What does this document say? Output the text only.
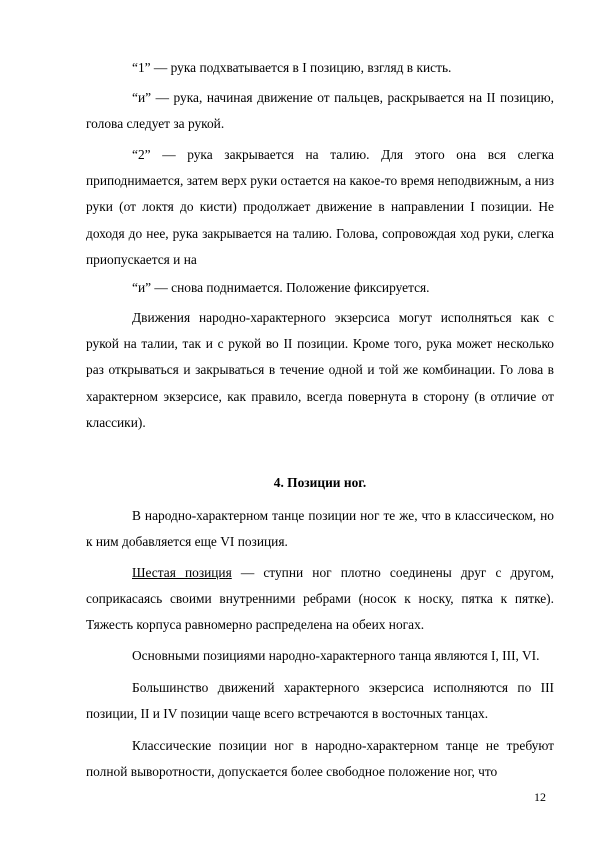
“1” — рука подхватывается в I позицию, взгляд в кисть.

“и” — рука, начиная движение от пальцев, раскрывается на II позицию, голова следует за рукой.

“2” — рука закрывается на талию. Для этого она вся слегка приподнимается, затем верх руки остается на какое-то время неподвижным, а низ руки (от локтя до кисти) продолжает движение в направлении I позиции. Не доходя до нее, рука закрывается на талию. Голова, сопровождая ход руки, слегка приопускается и на

“и” — снова поднимается. Положение фиксируется.

Движения народно-характерного экзерсиса могут исполняться как с рукой на талии, так и с рукой во II позиции. Кроме того, рука может несколько раз открываться и закрываться в течение одной и той же комбинации. Го лова в характерном экзерсисе, как правило, всегда повернута в сторону (в отличие от классики).

4. Позиции ног.

В народно-характерном танце позиции ног те же, что в классическом, но к ним добавляется еще VI позиция.

Шестая позиция — ступни ног плотно соединены друг с другом, соприкасаясь своими внутренними ребрами (носок к носку, пятка к пятке). Тяжесть корпуса равномерно распределена на обеих ногах.

Основными позициями народно-характерного танца являются I, III, VI.

Большинство движений характерного экзерсиса исполняются по III позиции, II и IV позиции чаще всего встречаются в восточных танцах.

Классические позиции ног в народно-характерном танце не требуют полной выворотности, допускается более свободное положение ног, что

12
